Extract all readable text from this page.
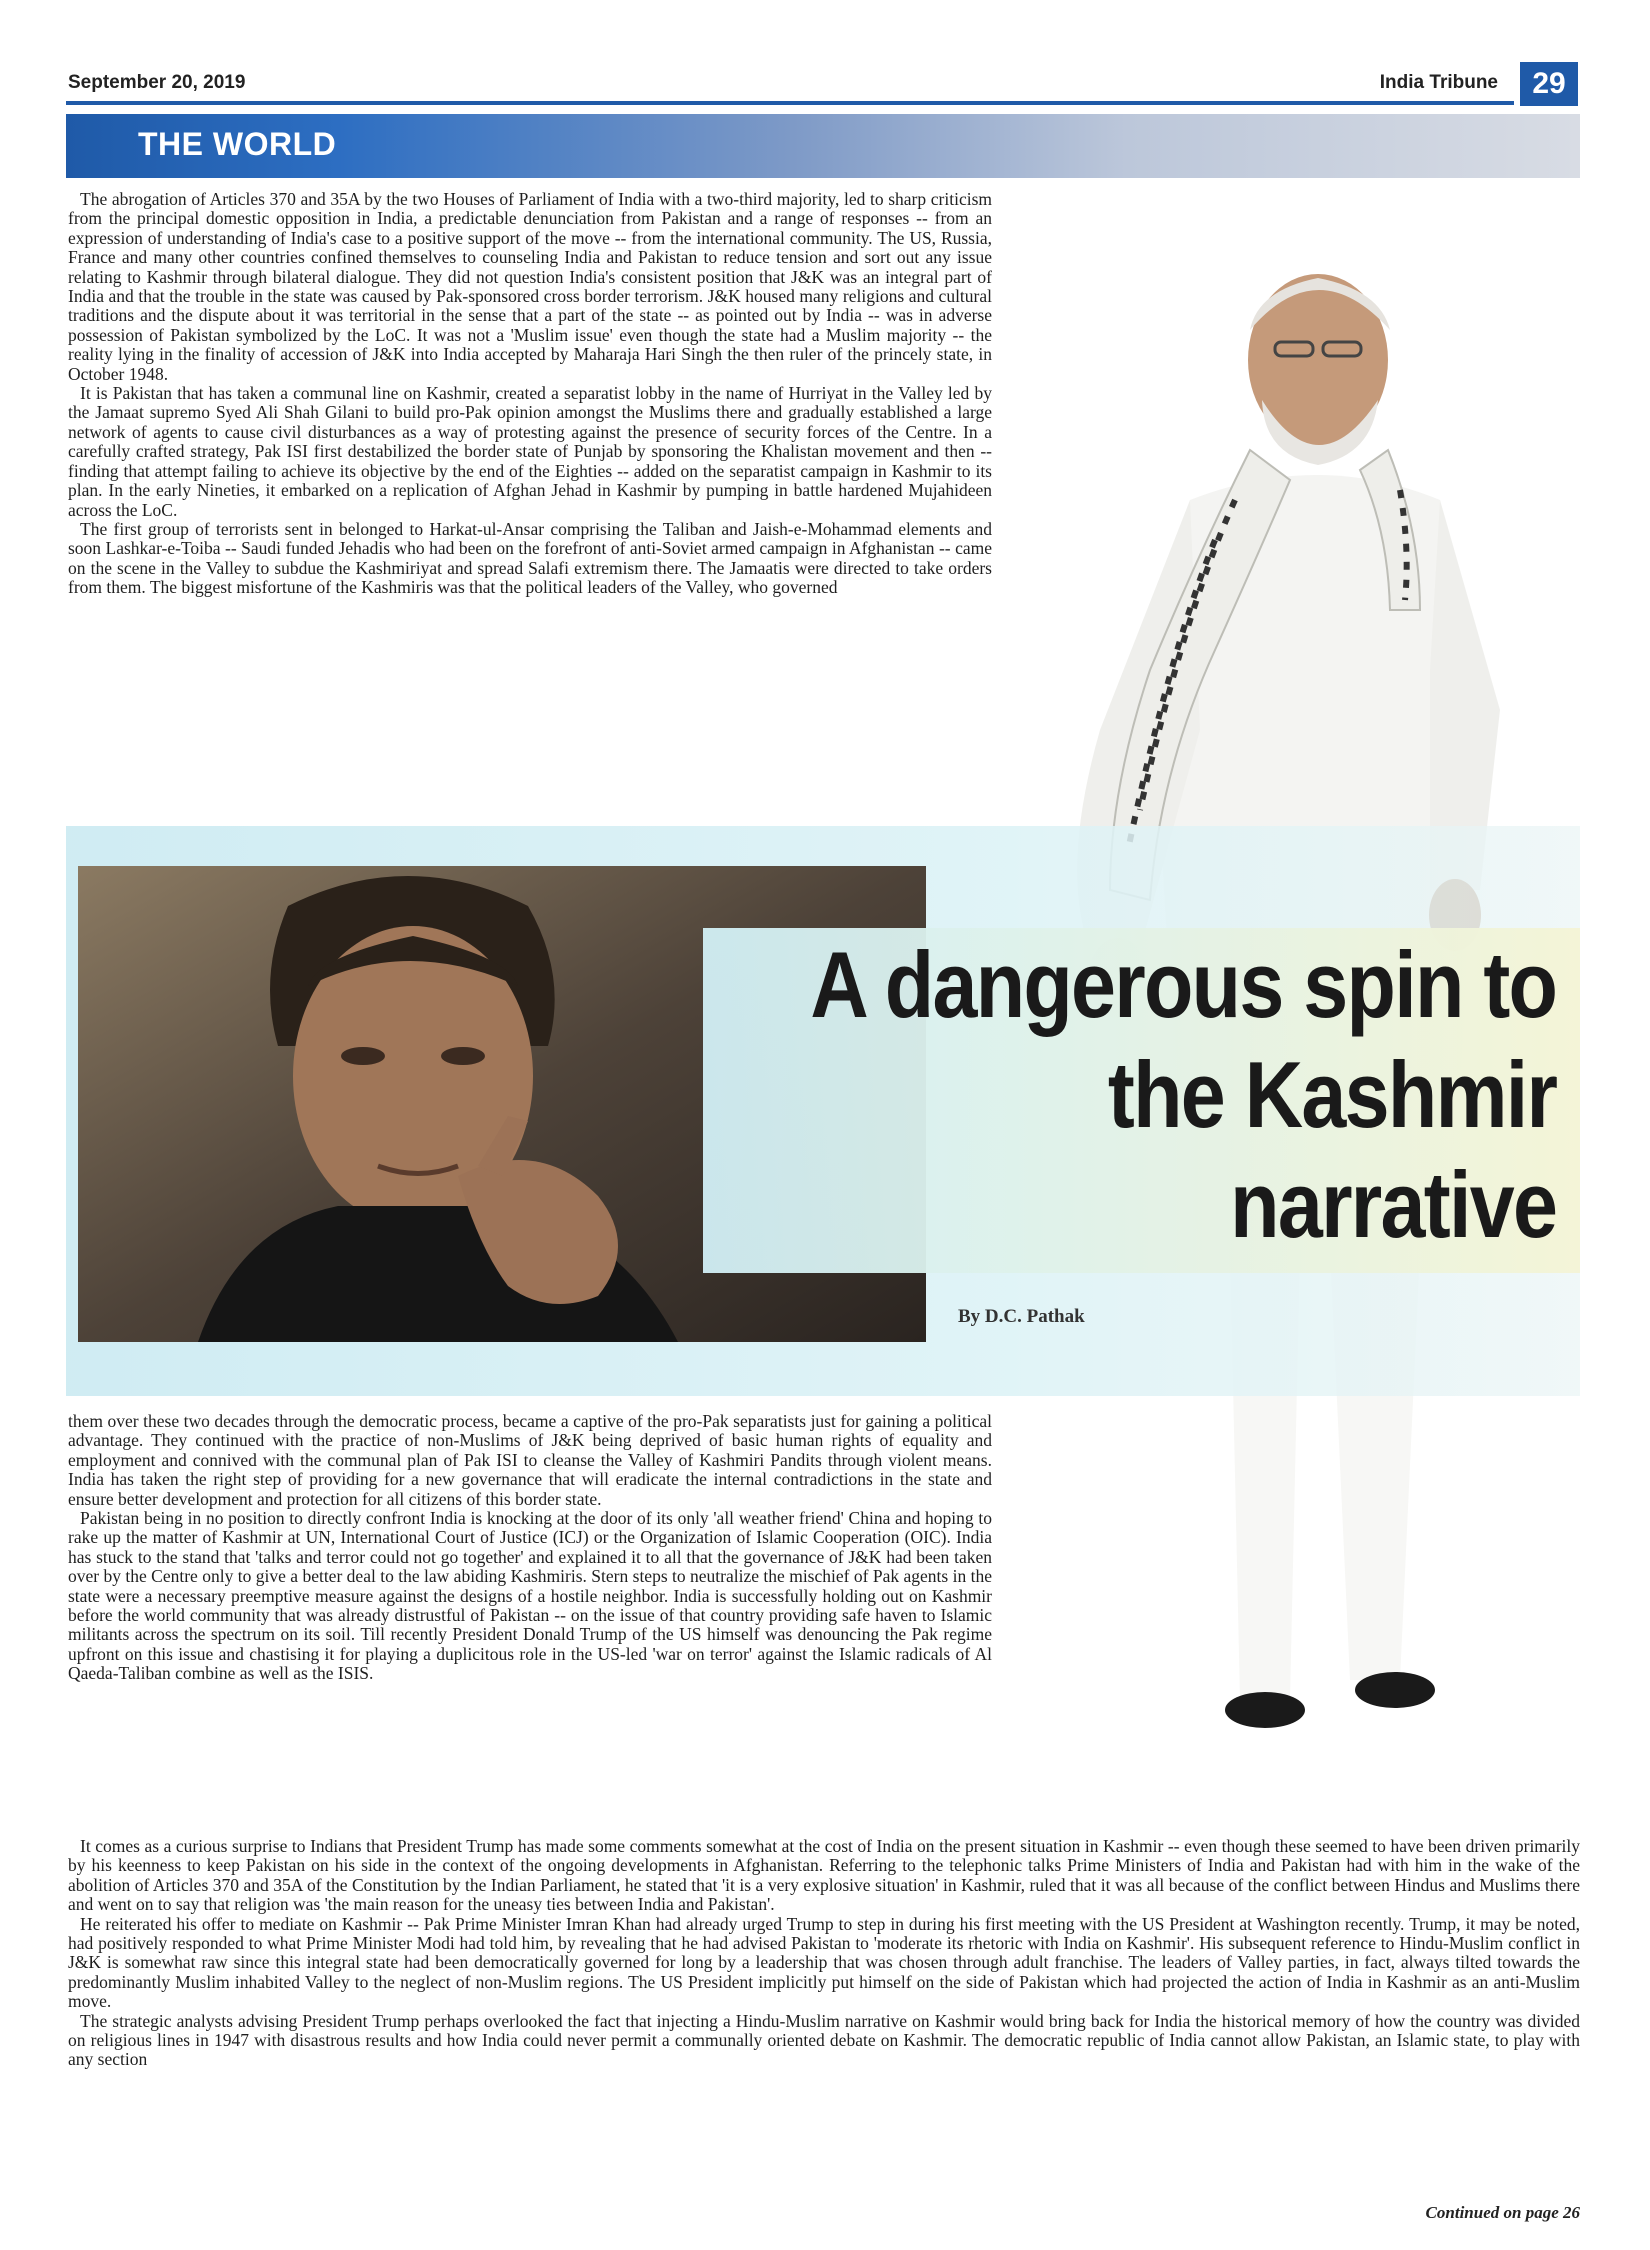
September 20, 2019	India Tribune	29
THE WORLD

The abrogation of Articles 370 and 35A by the two Houses of Parliament of India with a two-third majority, led to sharp criticism from the principal domestic opposition in India, a predictable denunciation from Pakistan and a range of responses -- from an expression of understanding of India's case to a positive support of the move -- from the international community. The US, Russia, France and many other countries confined themselves to counseling India and Pakistan to reduce tension and sort out any issue relating to Kashmir through bilateral dialogue. They did not question India's consistent position that J&K was an integral part of India and that the trouble in the state was caused by Pak-sponsored cross border terrorism. J&K housed many religions and cultural traditions and the dispute about it was territorial in the sense that a part of the state -- as pointed out by India -- was in adverse possession of Pakistan symbolized by the LoC. It was not a 'Muslim issue' even though the state had a Muslim majority -- the reality lying in the finality of accession of J&K into India accepted by Maharaja Hari Singh the then ruler of the princely state, in October 1948.

It is Pakistan that has taken a communal line on Kashmir, created a separatist lobby in the name of Hurriyat in the Valley led by the Jamaat supremo Syed Ali Shah Gilani to build pro-Pak opinion amongst the Muslims there and gradually established a large network of agents to cause civil disturbances as a way of protesting against the presence of security forces of the Centre. In a carefully crafted strategy, Pak ISI first destabilized the border state of Punjab by sponsoring the Khalistan movement and then -- finding that attempt failing to achieve its objective by the end of the Eighties -- added on the separatist campaign in Kashmir to its plan. In the early Nineties, it embarked on a replication of Afghan Jehad in Kashmir by pumping in battle hardened Mujahideen across the LoC.

The first group of terrorists sent in belonged to Harkat-ul-Ansar comprising the Taliban and Jaish-e-Mohammad elements and soon Lashkar-e-Toiba -- Saudi funded Jehadis who had been on the forefront of anti-Soviet armed campaign in Afghanistan -- came on the scene in the Valley to subdue the Kashmiriyat and spread Salafi extremism there. The Jamaatis were directed to take orders from them. The biggest misfortune of the Kashmiris was that the political leaders of the Valley, who governed

A dangerous spin to
the Kashmir
narrative
By D.C. Pathak

them over these two decades through the democratic process, became a captive of the pro-Pak separatists just for gaining a political advantage. They continued with the practice of non-Muslims of J&K being deprived of basic human rights of equality and employment and connived with the communal plan of Pak ISI to cleanse the Valley of Kashmiri Pandits through violent means. India has taken the right step of providing for a new governance that will eradicate the internal contradictions in the state and ensure better development and protection for all citizens of this border state.

Pakistan being in no position to directly confront India is knocking at the door of its only 'all weather friend' China and hoping to rake up the matter of Kashmir at UN, International Court of Justice (ICJ) or the Organization of Islamic Cooperation (OIC). India has stuck to the stand that 'talks and terror could not go together' and explained it to all that the governance of J&K had been taken over by the Centre only to give a better deal to the law abiding Kashmiris. Stern steps to neutralize the mischief of Pak agents in the state were a necessary preemptive measure against the designs of a hostile neighbor. India is successfully holding out on Kashmir before the world community that was already distrustful of Pakistan -- on the issue of that country providing safe haven to Islamic militants across the spectrum on its soil. Till recently President Donald Trump of the US himself was denouncing the Pak regime upfront on this issue and chastising it for playing a duplicitous role in the US-led 'war on terror' against the Islamic radicals of Al Qaeda-Taliban combine as well as the ISIS.

It comes as a curious surprise to Indians that President Trump has made some comments somewhat at the cost of India on the present situation in Kashmir -- even though these seemed to have been driven primarily by his keenness to keep Pakistan on his side in the context of the ongoing developments in Afghanistan. Referring to the telephonic talks Prime Ministers of India and Pakistan had with him in the wake of the abolition of Articles 370 and 35A of the Constitution by the Indian Parliament, he stated that 'it is a very explosive situation' in Kashmir, ruled that it was all because of the conflict between Hindus and Muslims there and went on to say that religion was 'the main reason for the uneasy ties between India and Pakistan'.

He reiterated his offer to mediate on Kashmir -- Pak Prime Minister Imran Khan had already urged Trump to step in during his first meeting with the US President at Washington recently. Trump, it may be noted, had positively responded to what Prime Minister Modi had told him, by revealing that he had advised Pakistan to 'moderate its rhetoric with India on Kashmir'. His subsequent reference to Hindu-Muslim conflict in J&K is somewhat raw since this integral state had been democratically governed for long by a leadership that was chosen through adult franchise. The leaders of Valley parties, in fact, always tilted towards the predominantly Muslim inhabited Valley to the neglect of non-Muslim regions. The US President implicitly put himself on the side of Pakistan which had projected the action of India in Kashmir as an anti-Muslim move.

The strategic analysts advising President Trump perhaps overlooked the fact that injecting a Hindu-Muslim narrative on Kashmir would bring back for India the historical memory of how the country was divided on religious lines in 1947 with disastrous results and how India could never permit a communally oriented debate on Kashmir. The democratic republic of India cannot allow Pakistan, an Islamic state, to play with any section

Continued on page 26
